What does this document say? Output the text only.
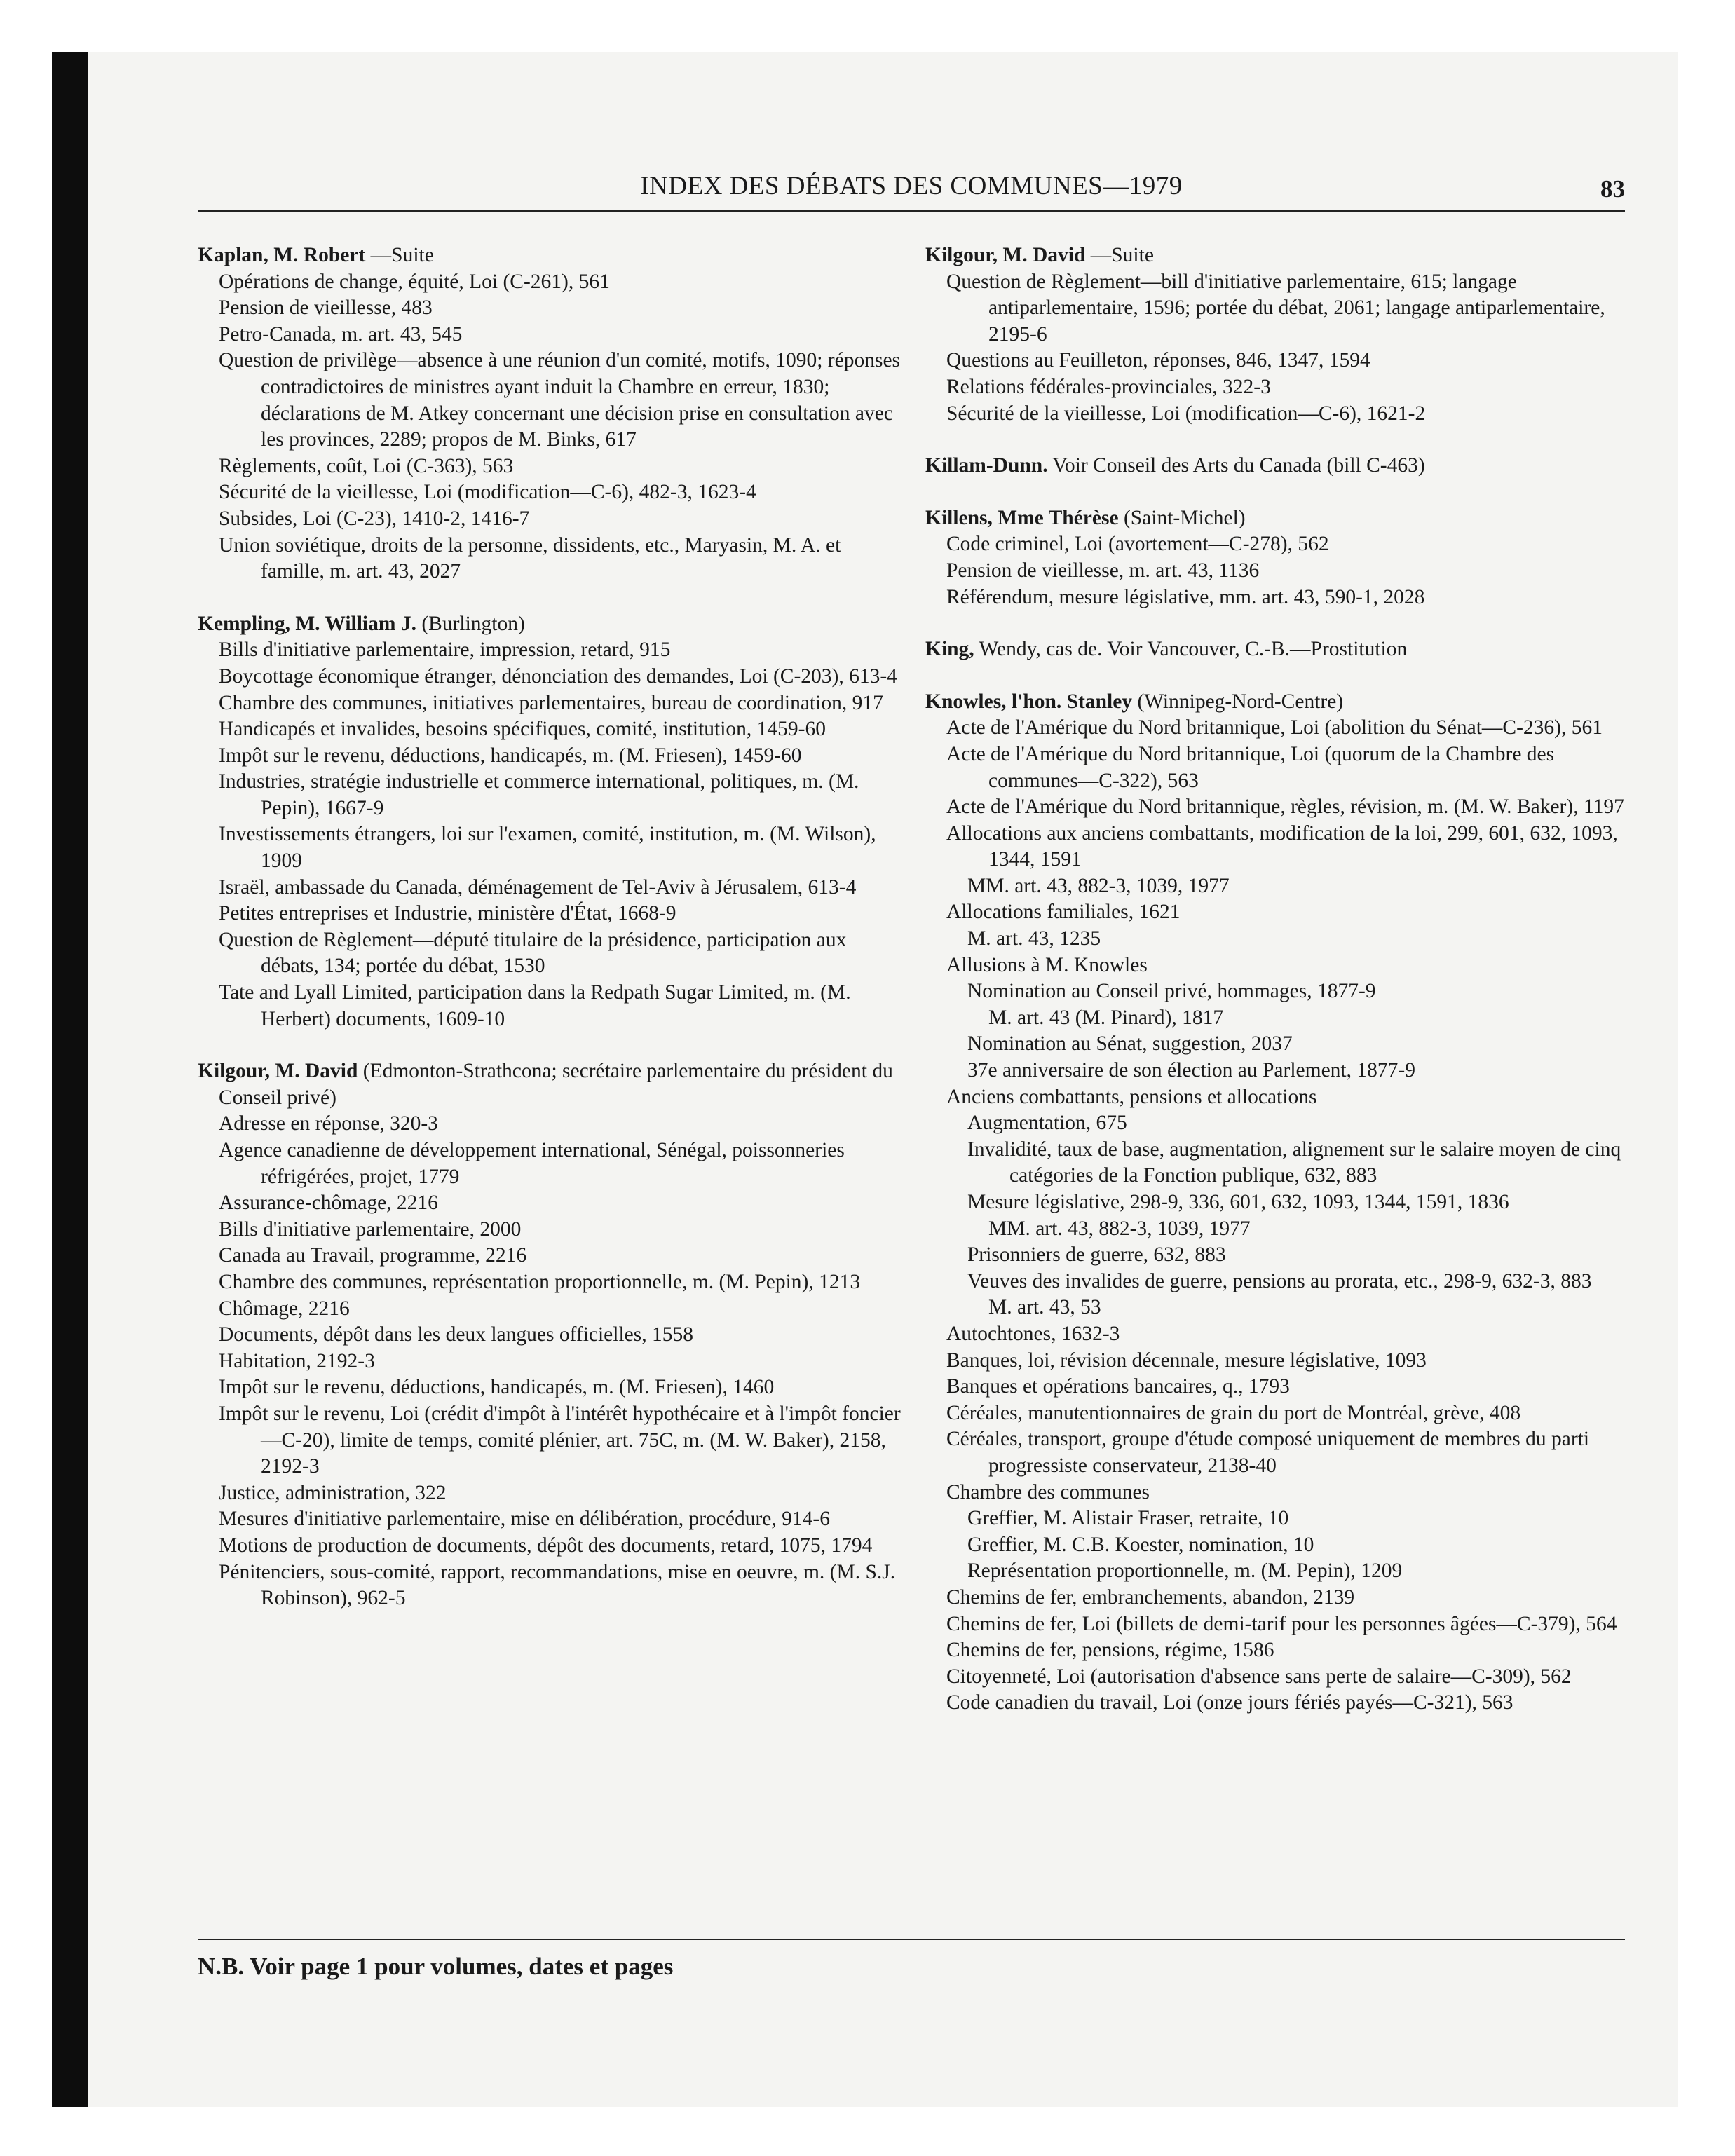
INDEX DES DÉBATS DES COMMUNES—1979	83
Kaplan, M. Robert —Suite
Opérations de change, équité, Loi (C-261), 561
Pension de vieillesse, 483
Petro-Canada, m. art. 43, 545
Question de privilège—absence à une réunion d'un comité, motifs, 1090; réponses contradictoires de ministres ayant induit la Chambre en erreur, 1830; déclarations de M. Atkey concernant une décision prise en consultation avec les provinces, 2289; propos de M. Binks, 617
Règlements, coût, Loi (C-363), 563
Sécurité de la vieillesse, Loi (modification—C-6), 482-3, 1623-4
Subsides, Loi (C-23), 1410-2, 1416-7
Union soviétique, droits de la personne, dissidents, etc., Maryasin, M. A. et famille, m. art. 43, 2027
Kempling, M. William J. (Burlington)
Bills d'initiative parlementaire, impression, retard, 915
Boycottage économique étranger, dénonciation des demandes, Loi (C-203), 613-4
Chambre des communes, initiatives parlementaires, bureau de coordination, 917
Handicapés et invalides, besoins spécifiques, comité, institution, 1459-60
Impôt sur le revenu, déductions, handicapés, m. (M. Friesen), 1459-60
Industries, stratégie industrielle et commerce international, politiques, m. (M. Pepin), 1667-9
Investissements étrangers, loi sur l'examen, comité, institution, m. (M. Wilson), 1909
Israël, ambassade du Canada, déménagement de Tel-Aviv à Jérusalem, 613-4
Petites entreprises et Industrie, ministère d'État, 1668-9
Question de Règlement—député titulaire de la présidence, participation aux débats, 134; portée du débat, 1530
Tate and Lyall Limited, participation dans la Redpath Sugar Limited, m. (M. Herbert) documents, 1609-10
Kilgour, M. David (Edmonton-Strathcona; secrétaire parlementaire du président du Conseil privé)
Adresse en réponse, 320-3
Agence canadienne de développement international, Sénégal, poissonneries réfrigérées, projet, 1779
Assurance-chômage, 2216
Bills d'initiative parlementaire, 2000
Canada au Travail, programme, 2216
Chambre des communes, représentation proportionnelle, m. (M. Pepin), 1213
Chômage, 2216
Documents, dépôt dans les deux langues officielles, 1558
Habitation, 2192-3
Impôt sur le revenu, déductions, handicapés, m. (M. Friesen), 1460
Impôt sur le revenu, Loi (crédit d'impôt à l'intérêt hypothécaire et à l'impôt foncier—C-20), limite de temps, comité plénier, art. 75C, m. (M. W. Baker), 2158, 2192-3
Justice, administration, 322
Mesures d'initiative parlementaire, mise en délibération, procédure, 914-6
Motions de production de documents, dépôt des documents, retard, 1075, 1794
Pénitenciers, sous-comité, rapport, recommandations, mise en oeuvre, m. (M. S.J. Robinson), 962-5
Kilgour, M. David —Suite
Question de Règlement—bill d'initiative parlementaire, 615; langage antiparlementaire, 1596; portée du débat, 2061; langage antiparlementaire, 2195-6
Questions au Feuilleton, réponses, 846, 1347, 1594
Relations fédérales-provinciales, 322-3
Sécurité de la vieillesse, Loi (modification—C-6), 1621-2
Killam-Dunn. Voir Conseil des Arts du Canada (bill C-463)
Killens, Mme Thérèse (Saint-Michel)
Code criminel, Loi (avortement—C-278), 562
Pension de vieillesse, m. art. 43, 1136
Référendum, mesure législative, mm. art. 43, 590-1, 2028
King, Wendy, cas de. Voir Vancouver, C.-B.—Prostitution
Knowles, l'hon. Stanley (Winnipeg-Nord-Centre)
Acte de l'Amérique du Nord britannique, Loi (abolition du Sénat—C-236), 561
Acte de l'Amérique du Nord britannique, Loi (quorum de la Chambre des communes—C-322), 563
Acte de l'Amérique du Nord britannique, règles, révision, m. (M. W. Baker), 1197
Allocations aux anciens combattants, modification de la loi, 299, 601, 632, 1093, 1344, 1591
MM. art. 43, 882-3, 1039, 1977
Allocations familiales, 1621
M. art. 43, 1235
Allusions à M. Knowles
Nomination au Conseil privé, hommages, 1877-9
M. art. 43 (M. Pinard), 1817
Nomination au Sénat, suggestion, 2037
37e anniversaire de son élection au Parlement, 1877-9
Anciens combattants, pensions et allocations
Augmentation, 675
Invalidité, taux de base, augmentation, alignement sur le salaire moyen de cinq catégories de la Fonction publique, 632, 883
Mesure législative, 298-9, 336, 601, 632, 1093, 1344, 1591, 1836
MM. art. 43, 882-3, 1039, 1977
Prisonniers de guerre, 632, 883
Veuves des invalides de guerre, pensions au prorata, etc., 298-9, 632-3, 883
M. art. 43, 53
Autochtones, 1632-3
Banques, loi, révision décennale, mesure législative, 1093
Banques et opérations bancaires, q., 1793
Céréales, manutentionnaires de grain du port de Montréal, grève, 408
Céréales, transport, groupe d'étude composé uniquement de membres du parti progressiste conservateur, 2138-40
Chambre des communes
Greffier, M. Alistair Fraser, retraite, 10
Greffier, M. C.B. Koester, nomination, 10
Représentation proportionnelle, m. (M. Pepin), 1209
Chemins de fer, embranchements, abandon, 2139
Chemins de fer, Loi (billets de demi-tarif pour les personnes âgées—C-379), 564
Chemins de fer, pensions, régime, 1586
Citoyenneté, Loi (autorisation d'absence sans perte de salaire—C-309), 562
Code canadien du travail, Loi (onze jours fériés payés—C-321), 563
N.B. Voir page 1 pour volumes, dates et pages
